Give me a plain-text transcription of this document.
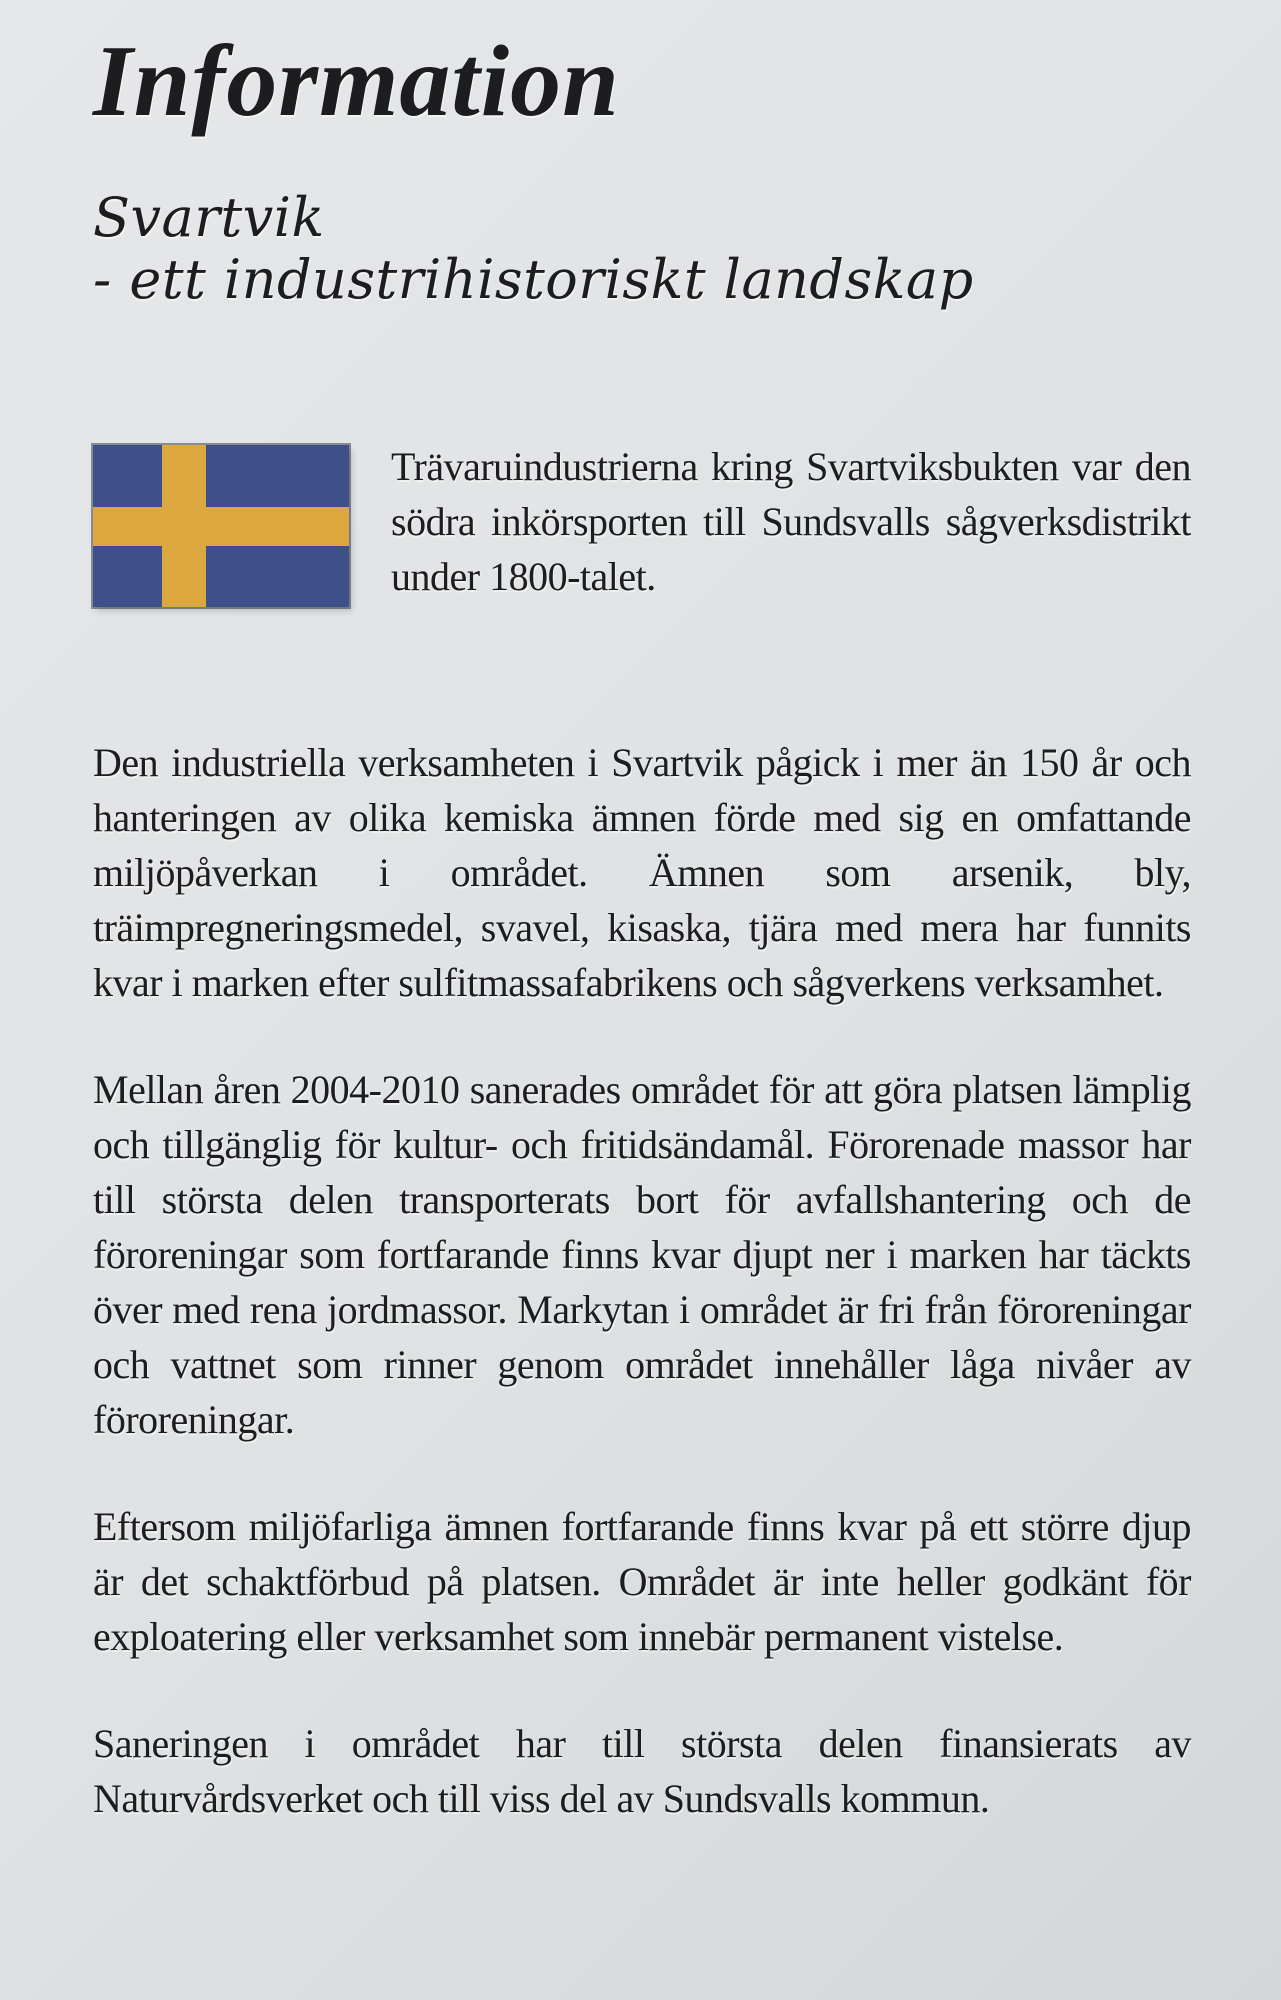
Information
Svartvik
- ett industrihistoriskt landskap

Trävaruindustrierna kring Svartviksbukten var den södra inkörsporten till Sundsvalls sågverksdistrikt under 1800-talet.

Den industriella verksamheten i Svartvik pågick i mer än 150 år och hanteringen av olika kemiska ämnen förde med sig en omfattande miljöpåverkan i området. Ämnen som arsenik, bly, träimpregneringsmedel, svavel, kisaska, tjära med mera har funnits kvar i marken efter sulfitmassafabrikens och sågverkens verksamhet.

Mellan åren 2004-2010 sanerades området för att göra platsen lämplig och tillgänglig för kultur- och fritidsändamål. Förorenade massor har till största delen transporterats bort för avfallshantering och de föroreningar som fortfarande finns kvar djupt ner i marken har täckts över med rena jordmassor. Markytan i området är fri från föroreningar och vattnet som rinner genom området innehåller låga nivåer av föroreningar.

Eftersom miljöfarliga ämnen fortfarande finns kvar på ett större djup är det schaktförbud på platsen. Området är inte heller godkänt för exploatering eller verksamhet som innebär permanent vistelse.

Saneringen i området har till största delen finansierats av Naturvårdsverket och till viss del av Sundsvalls kommun.
